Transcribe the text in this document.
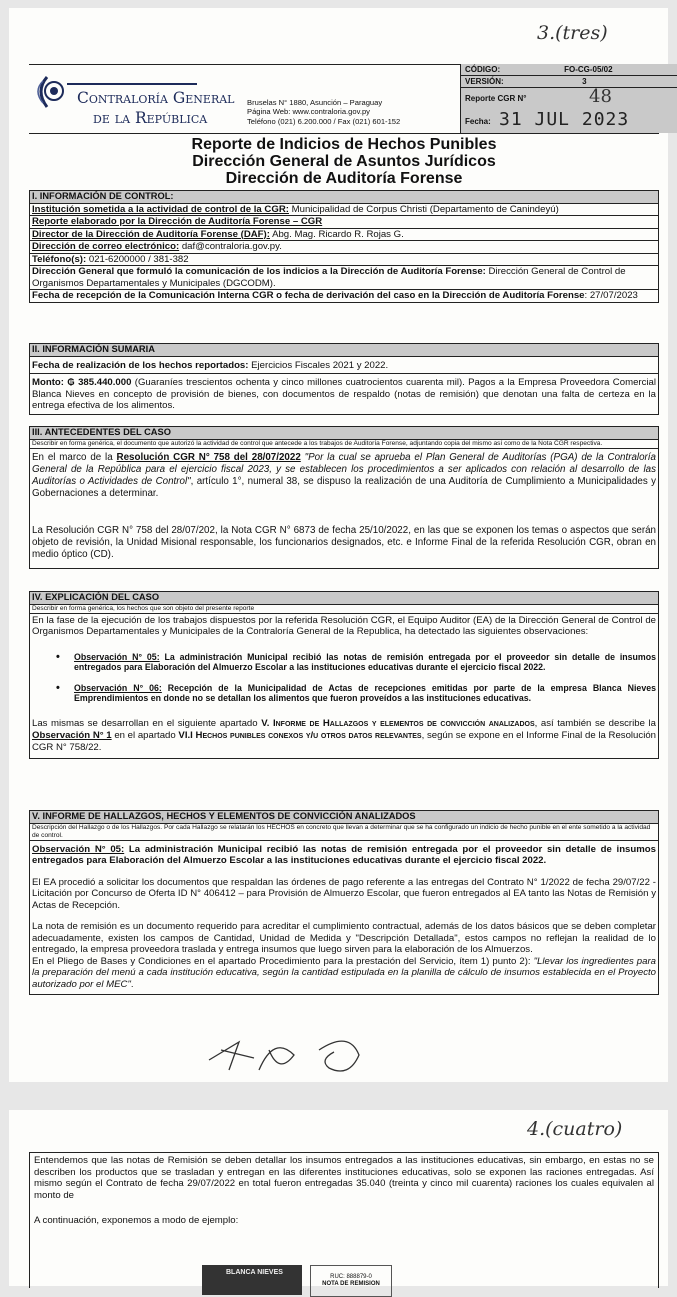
3.(tres)
Contraloría General
de la República
Bruselas N° 1880, Asunción – Paraguay
Página Web: www.contraloria.gov.py
Teléfono (021) 6.200.000 / Fax (021) 601-152
CÓDIGO:	FO-CG-05/02
VERSIÓN:	3
Reporte CGR N°	48
Fecha: 31 JUL 2023
Reporte de Indicios de Hechos Punibles
Dirección General de Asuntos Jurídicos
Dirección de Auditoría Forense
I. INFORMACIÓN DE CONTROL:
Institución sometida a la actividad de control de la CGR: Municipalidad de Corpus Christi (Departamento de Canindeyú)
Reporte elaborado por la Dirección de Auditoría Forense – CGR
Director de la Dirección de Auditoría Forense (DAF): Abg. Mag. Ricardo R. Rojas G.
Dirección de correo electrónico: daf@contraloria.gov.py.
Teléfono(s): 021-6200000 / 381-382
Dirección General que formuló la comunicación de los indicios a la Dirección de Auditoría Forense: Dirección General de Control de Organismos Departamentales y Municipales (DGCODM).
Fecha de recepción de la Comunicación Interna CGR o fecha de derivación del caso en la Dirección de Auditoría Forense: 27/07/2023
II. INFORMACIÓN SUMARIA
Fecha de realización de los hechos reportados: Ejercicios Fiscales 2021 y 2022.
Monto: ₲ 385.440.000 (Guaraníes trescientos ochenta y cinco millones cuatrocientos cuarenta mil). Pagos a la Empresa Proveedora Comercial Blanca Nieves en concepto de provisión de bienes, con documentos de respaldo (notas de remisión) que denotan una falta de certeza en la entrega efectiva de los alimentos.
III. ANTECEDENTES DEL CASO
Describir en forma genérica, el documento que autorizó la actividad de control que antecede a los trabajos de Auditoría Forense, adjuntando copia del mismo así como de la Nota CGR respectiva.
En el marco de la Resolución CGR N° 758 del 28/07/2022 "Por la cual se aprueba el Plan General de Auditorías (PGA) de la Contraloría General de la República para el ejercicio fiscal 2023, y se establecen los procedimientos a ser aplicados con relación al desarrollo de las Auditorías o Actividades de Control", artículo 1°, numeral 38, se dispuso la realización de una Auditoría de Cumplimiento a Municipalidades y Gobernaciones a determinar.
La Resolución CGR N° 758 del 28/07/202, la Nota CGR N° 6873 de fecha 25/10/2022, en las que se exponen los temas o aspectos que serán objeto de revisión, la Unidad Misional responsable, los funcionarios designados, etc. e Informe Final de la referida Resolución CGR, obran en medio óptico (CD).
IV. EXPLICACIÓN DEL CASO
Describir en forma genérica, los hechos que son objeto del presente reporte
En la fase de la ejecución de los trabajos dispuestos por la referida Resolución CGR, el Equipo Auditor (EA) de la Dirección General de Control de Organismos Departamentales y Municipales de la Contraloría General de la Republica, ha detectado las siguientes observaciones:
•	Observación N° 05: La administración Municipal recibió las notas de remisión entregada por el proveedor sin detalle de insumos entregados para Elaboración del Almuerzo Escolar a las instituciones educativas durante el ejercicio fiscal 2022.
•	Observación N° 06: Recepción de la Municipalidad de Actas de recepciones emitidas por parte de la empresa Blanca Nieves Emprendimientos en donde no se detallan los alimentos que fueron proveídos a las instituciones educativas.
Las mismas se desarrollan en el siguiente apartado V. Informe de Hallazgos y elementos de convicción analizados, así también se describe la Observación N° 1 en el apartado VI.I Hechos punibles conexos y/u otros datos relevantes, según se expone en el Informe Final de la Resolución CGR N° 758/22.
V. INFORME DE HALLAZGOS, HECHOS Y ELEMENTOS DE CONVICCIÓN ANALIZADOS
Descripción del Hallazgo o de los Hallazgos. Por cada Hallazgo se relatarán los HECHOS en concreto que llevan a determinar que se ha configurado un indicio de hecho punible en el ente sometido a la actividad de control.
Observación N° 05: La administración Municipal recibió las notas de remisión entregada por el proveedor sin detalle de insumos entregados para Elaboración del Almuerzo Escolar a las instituciones educativas durante el ejercicio fiscal 2022.
El EA procedió a solicitar los documentos que respaldan las órdenes de pago referente a las entregas del Contrato N° 1/2022 de fecha 29/07/22 - Licitación por Concurso de Oferta ID N° 406412 – para Provisión de Almuerzo Escolar, que fueron entregados al EA tanto las Notas de Remisión y Actas de Recepción.
La nota de remisión es un documento requerido para acreditar el cumplimiento contractual, además de los datos básicos que se deben completar adecuadamente, existen los campos de Cantidad, Unidad de Medida y "Descripción Detallada", estos campos no reflejan la realidad de lo entregado, la empresa proveedora traslada y entrega insumos que luego sirven para la elaboración de los Almuerzos.
En el Pliego de Bases y Condiciones en el apartado Procedimiento para la prestación del Servicio, ítem 1) punto 2): "Llevar los ingredientes para la preparación del menú a cada institución educativa, según la cantidad estipulada en la planilla de cálculo de insumos establecida en el Proyecto autorizado por el MEC".
4.(cuatro)
Entendemos que las notas de Remisión se deben detallar los insumos entregados a las instituciones educativas, sin embargo, en estas no se describen los productos que se trasladan y entregan en las diferentes instituciones educativas, solo se exponen las raciones entregadas. Así mismo según el Contrato de fecha 29/07/2022 en total fueron entregadas 35.040 (treinta y cinco mil cuarenta) raciones los cuales equivalen al monto de
A continuación, exponemos a modo de ejemplo:
BLANCA NIEVES
RUC: 888879-0
NOTA DE REMISION
